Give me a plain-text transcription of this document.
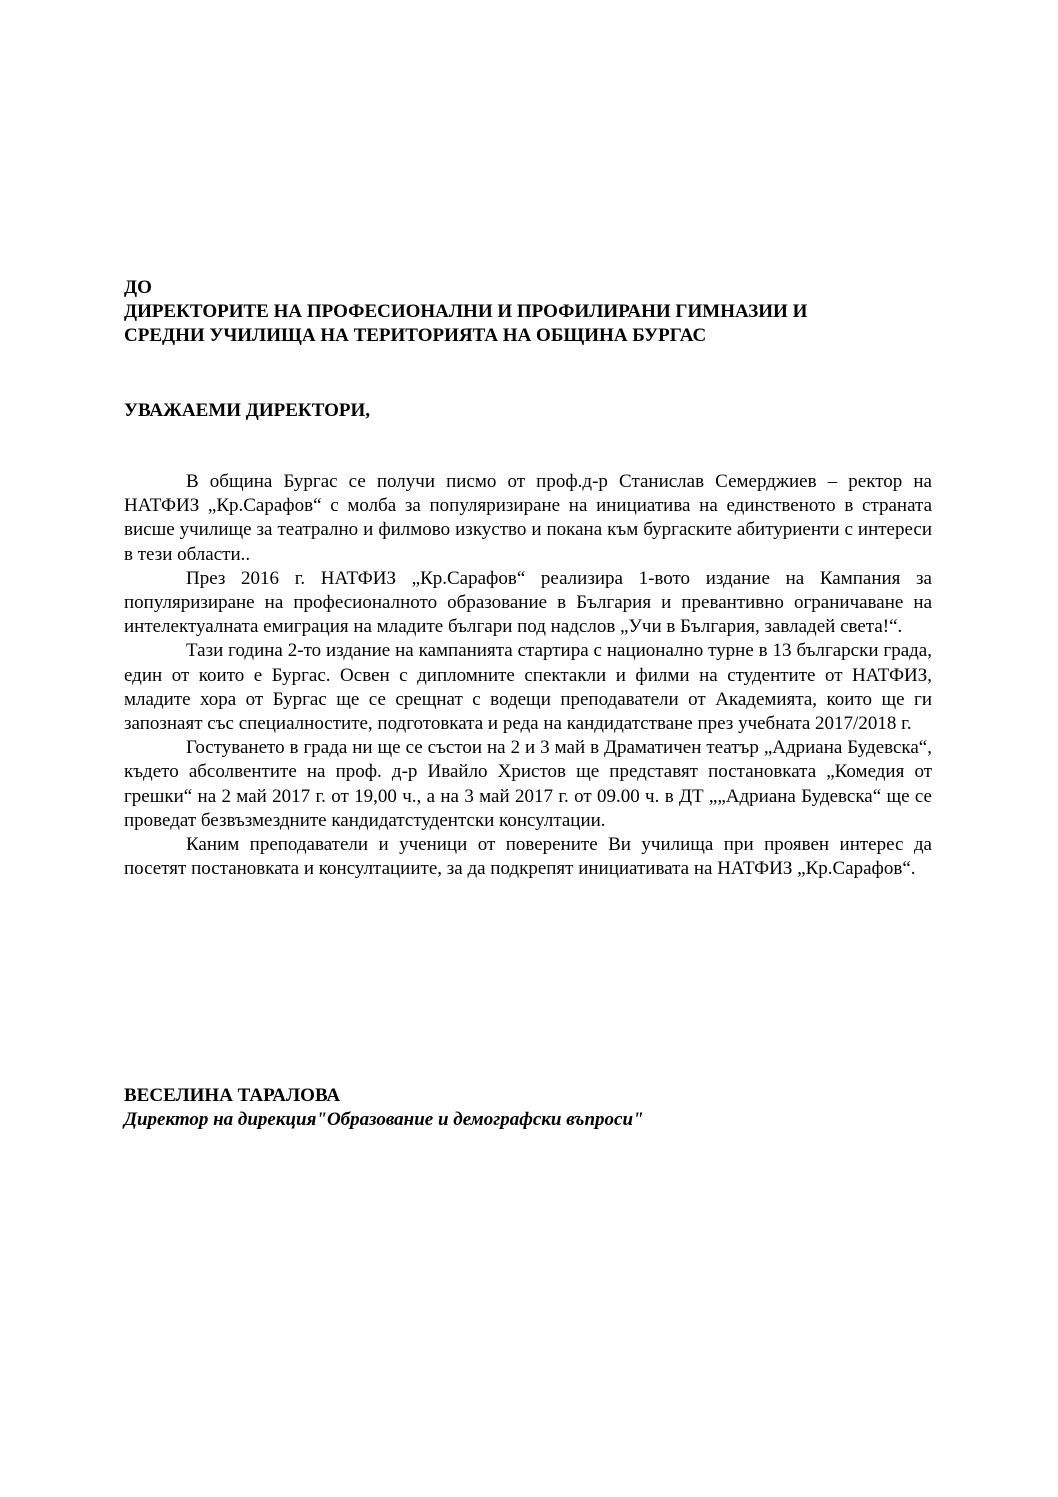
ДО
ДИРЕКТОРИТЕ НА ПРОФЕСИОНАЛНИ И ПРОФИЛИРАНИ ГИМНАЗИИ И
СРЕДНИ УЧИЛИЩА НА ТЕРИТОРИЯТА НА ОБЩИНА БУРГАС
УВАЖАЕМИ ДИРЕКТОРИ,

В община Бургас се получи писмо от проф.д-р Станислав Семерджиев – ректор на НАТФИЗ „Кр.Сарафов“ с молба за популяризиране на инициатива на единственото в страната висше училище за театрално и филмово изкуство и покана към бургаските абитуриенти с интереси в тези области..

През 2016 г. НАТФИЗ „Кр.Сарафов“ реализира 1-вото издание на Кампания за популяризиране на професионалното образование в България и превантивно ограничаване на интелектуалната емиграция на младите българи под надслов „Учи в България, завладей света!“.

Тази година 2-то издание на кампанията стартира с национално турне в 13 български града, един от които е Бургас. Освен с дипломните спектакли и филми на студентите от НАТФИЗ, младите хора от Бургас ще се срещнат с водещи преподаватели от Академията, които ще ги запознаят със специалностите, подготовката и реда на кандидатстване през учебната 2017/2018 г.

Гостуването в града ни ще се състои на 2 и 3 май в Драматичен театър „Адриана Будевска“, където абсолвентите на проф. д-р Ивайло Христов ще представят постановката „Комедия от грешки“ на 2 май 2017 г. от 19,00 ч., а на 3 май 2017 г. от 09.00 ч. в ДТ „„Адриана Будевска“ ще се проведат безвъзмездните кандидатстудентски консултации.

Каним преподаватели и ученици от поверените Ви училища при проявен интерес да посетят постановката и консултациите, за да подкрепят инициативата на НАТФИЗ „Кр.Сарафов“.

ВЕСЕЛИНА ТАРАЛОВА
Директор на дирекция"Образование и демографски въпроси"
